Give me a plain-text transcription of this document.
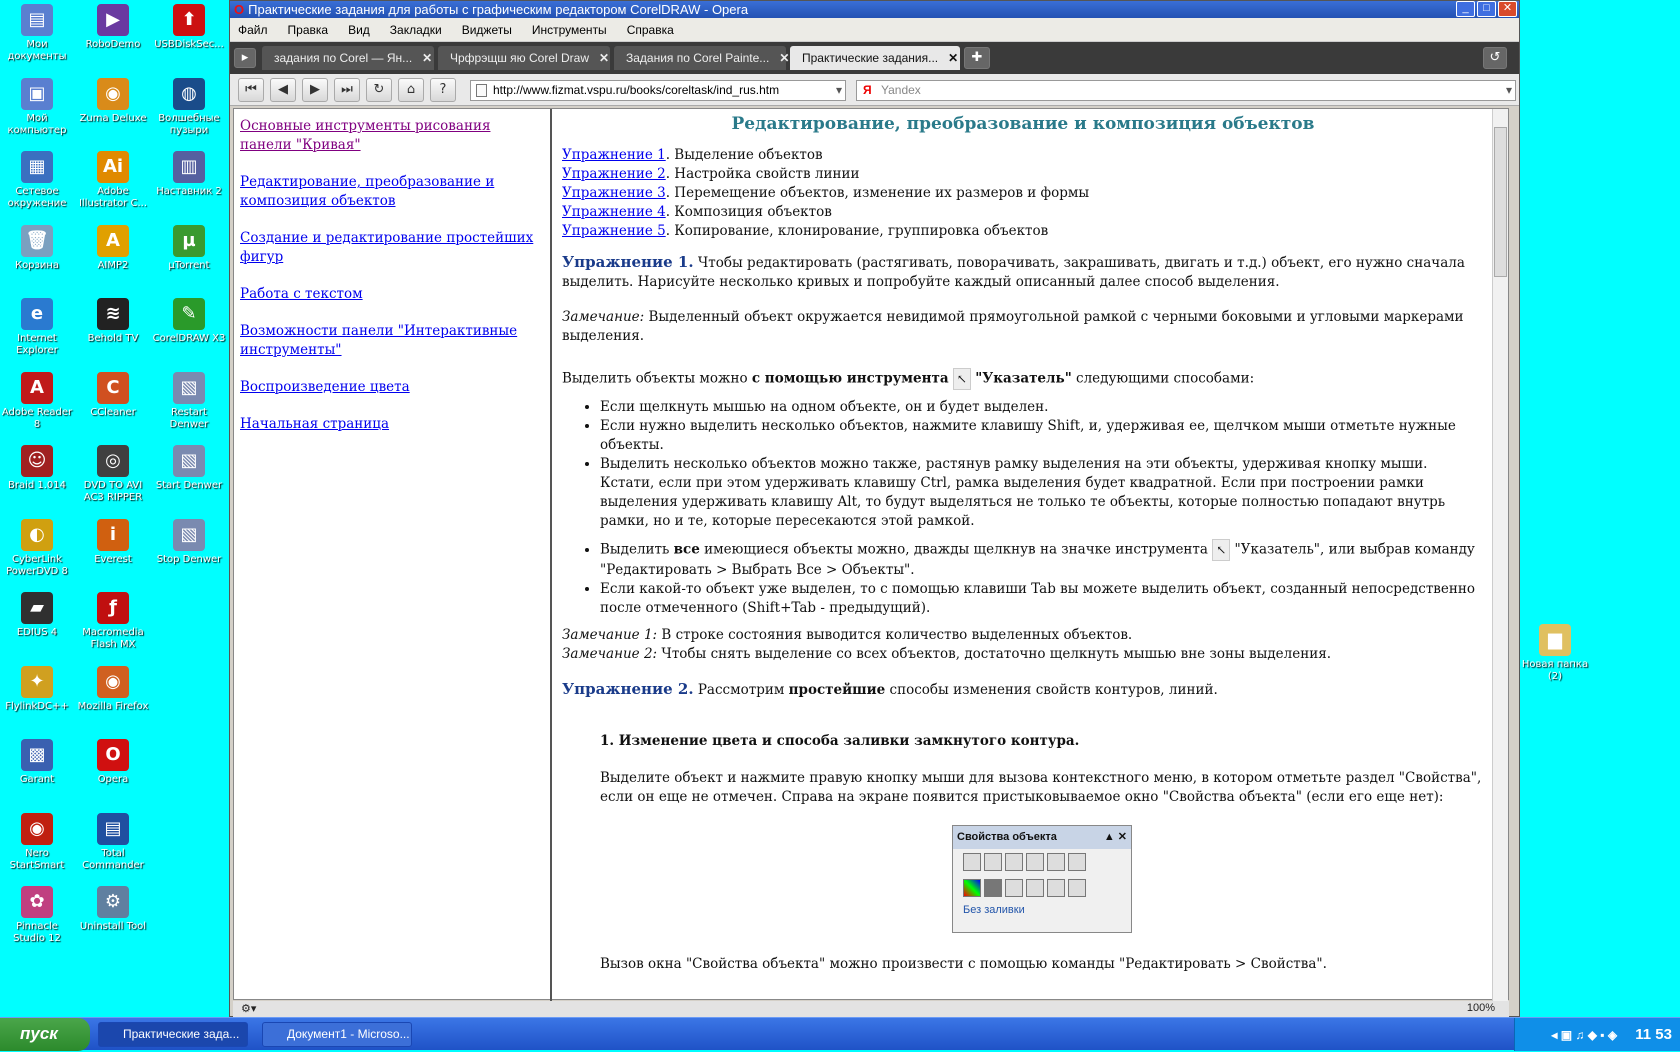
▤
Мои документы
▶
RoboDemo
⬆
USBDiskSec...
▣
Мой компьютер
◉
Zuma Deluxe
◍
Волшебные пузыри
▦
Сетевое окружение
Ai
Adobe Illustrator C...
▥
Наставник 2
🗑
Корзина
A
AIMP2
µ
µTorrent
e
Internet Explorer
≋
Behold TV
✎
CorelDRAW X3
A
Adobe Reader 8
C
CCleaner
▧
Restart Denwer
☺
Braid 1.014
◎
DVD TO AVI AC3 RIPPER
▧
Start Denwer
◐
CyberLink PowerDVD 8
i
Everest
▧
Stop Denwer
▰
EDIUS 4
ƒ
Macromedia Flash MX
✦
FlylinkDC++
◉
Mozilla Firefox
▩
Garant
O
Opera
◉
Nero StartSmart
▤
Total Commander
✿
Pinnacle Studio 12
⚙
Uninstall Tool
▆
Новая папка (2)
O Практические задания для работы с графическим редактором CorelDRAW - Opera	_	□	✕
Файл Правка Вид Закладки Виджеты Инструменты Справка
▸	задания по Corel — Ян... ✕ Чрфрэщш яю Corel Draw ✕ Задания по Corel Painte... ✕ Практические задания... ✕	✚	↺
⏮	◀	▶	⏭	↻	⌂	?	http://www.fizmat.vspu.ru/books/coreltask/ind_rus.htm	▾ Я Yandex	▾
Основные инструменты рисования панели "Кривая"
Редактирование, преобразование и композиция объектов
Создание и редактирование простейших фигур
Работа с текстом
Возможности панели "Интерактивные инструменты"
Воспроизведение цвета
Начальная страница
Редактирование, преобразование и композиция объектов
Упражнение 1. Выделение объектов
Упражнение 2. Настройка свойств линии
Упражнение 3. Перемещение объектов, изменение их размеров и формы
Упражнение 4. Композиция объектов
Упражнение 5. Копирование, клонирование, группировка объектов

Упражнение 1. Чтобы редактировать (растягивать, поворачивать, закрашивать, двигать и т.д.) объект, его нужно сначала выделить. Нарисуйте несколько кривых и попробуйте каждый описанный далее способ выделения.

Замечание: Выделенный объект окружается невидимой прямоугольной рамкой с черными боковыми и угловыми маркерами выделения.

Выделить объекты можно с помощью инструмента ↖ "Указатель" следующими способами:

• Если щелкнуть мышью на одном объекте, он и будет выделен.
• Если нужно выделить несколько объектов, нажмите клавишу Shift, и, удерживая ее, щелчком мыши отметьте нужные объекты.
• Выделить несколько объектов можно также, растянув рамку выделения на эти объекты, удерживая кнопку мыши. Кстати, если при этом удерживать клавишу Ctrl, рамка выделения будет квадратной. Если при построении рамки выделения удерживать клавишу Alt, то будут выделяться не только те объекты, которые полностью попадают внутрь рамки, но и те, которые пересекаются этой рамкой.
• Выделить все имеющиеся объекты можно, дважды щелкнув на значке инструмента ↖ "Указатель", или выбрав команду "Редактировать > Выбрать Все > Объекты".
• Если какой-то объект уже выделен, то с помощью клавиши Tab вы можете выделить объект, созданный непосредственно после отмеченного (Shift+Tab - предыдущий).

Замечание 1: В строке состояния выводится количество выделенных объектов.

Замечание 2: Чтобы снять выделение со всех объектов, достаточно щелкнуть мышью вне зоны выделения.

Упражнение 2. Рассмотрим простейшие способы изменения свойств контуров, линий.

1. Изменение цвета и способа заливки замкнутого контура.

Выделите объект и нажмите правую кнопку мыши для вызова контекстного меню, в котором отметьте раздел "Свойства", если он еще не отмечен. Справа на экране появится пристыковываемое окно "Свойства объекта" (если его еще нет):

Свойства объекта	▲ ✕
Без заливки

Вызов окна "Свойства объекта" можно произвести с помощью команды "Редактировать > Свойства".

⚙▾	100%
пуск	Практические зада...	Документ1 - Microso...	◂ ▣ ♫ ◆ ▪ ◈ 11 53
